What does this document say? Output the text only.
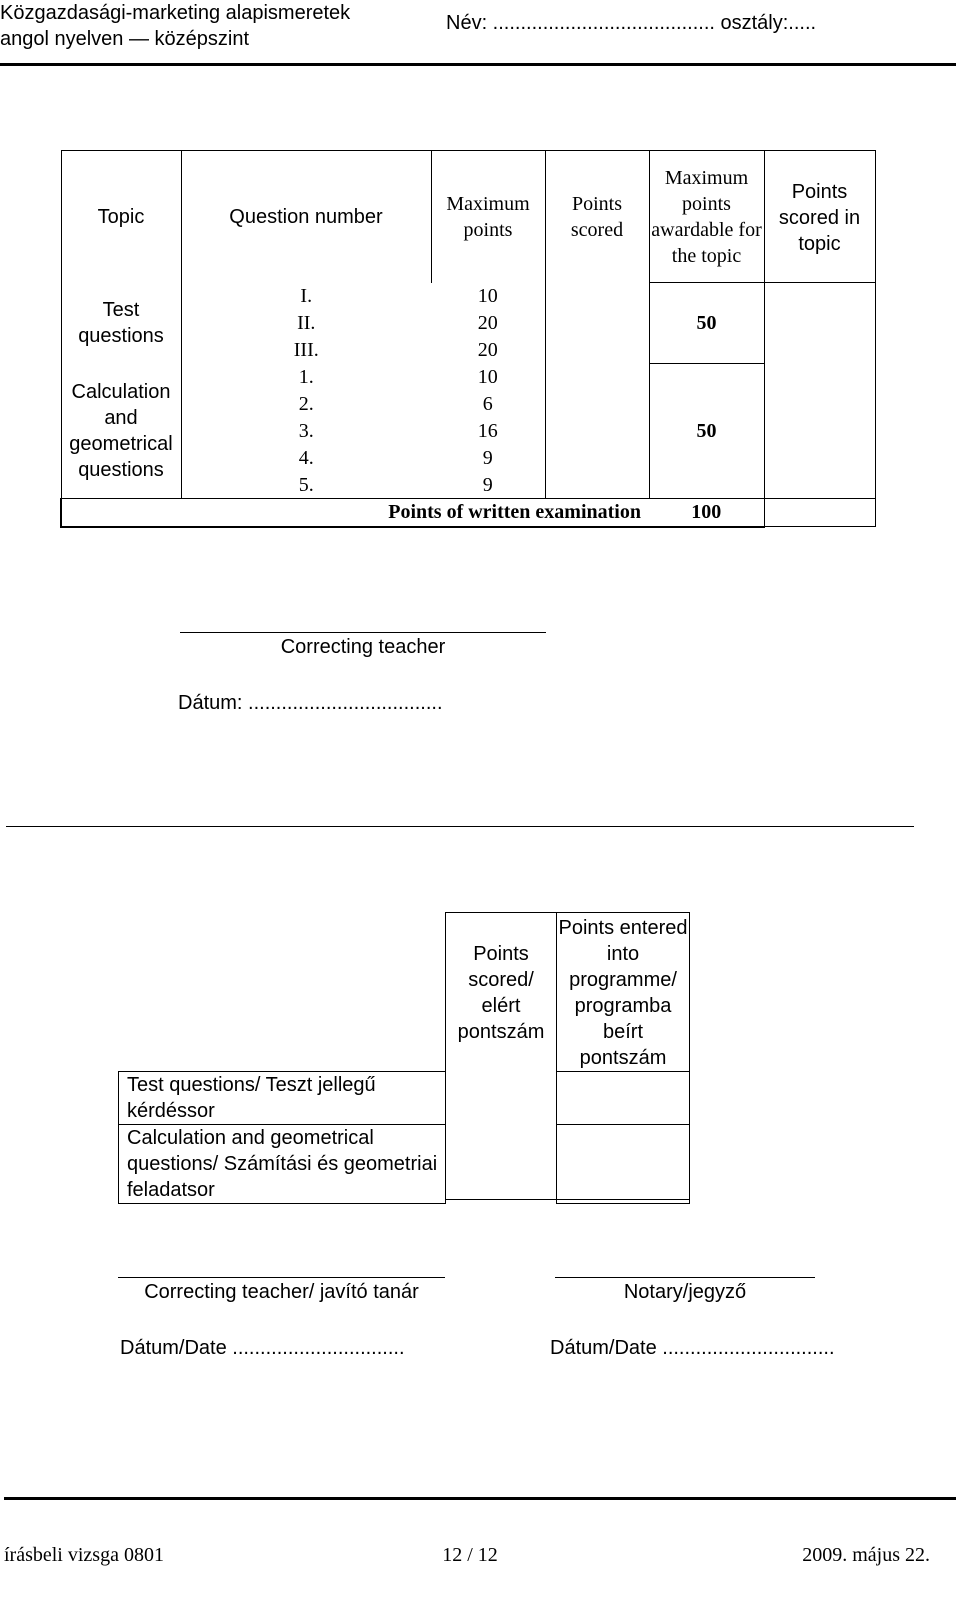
Közgazdasági-marketing alapismeretek
angol nyelven — középszint
Név: ........................................ osztály:.....
Topic	Question number	Maximum points	Points scored	Maximum points awardable for the topic	Points scored in topic
Test questions	I.	10		50	
	II.	20			
	III.	20			
Calculation and geometrical questions	1.	10		50	
	2.	6			
	3.	16			
	4.	9			
	5.	9			
Points of written examination				100	
Correcting teacher
Dátum: ...................................
	Points scored/ elért pontszám	Points entered into programme/ programba beírt pontszám
Test questions/ Teszt jellegű kérdéssor		
Calculation and geometrical questions/ Számítási és geometriai feladatsor		
Correcting teacher/ javító tanár
Dátum/Date ...............................
Notary/jegyző
Dátum/Date ...............................
írásbeli vizsga 0801	12 / 12	2009. május 22.
